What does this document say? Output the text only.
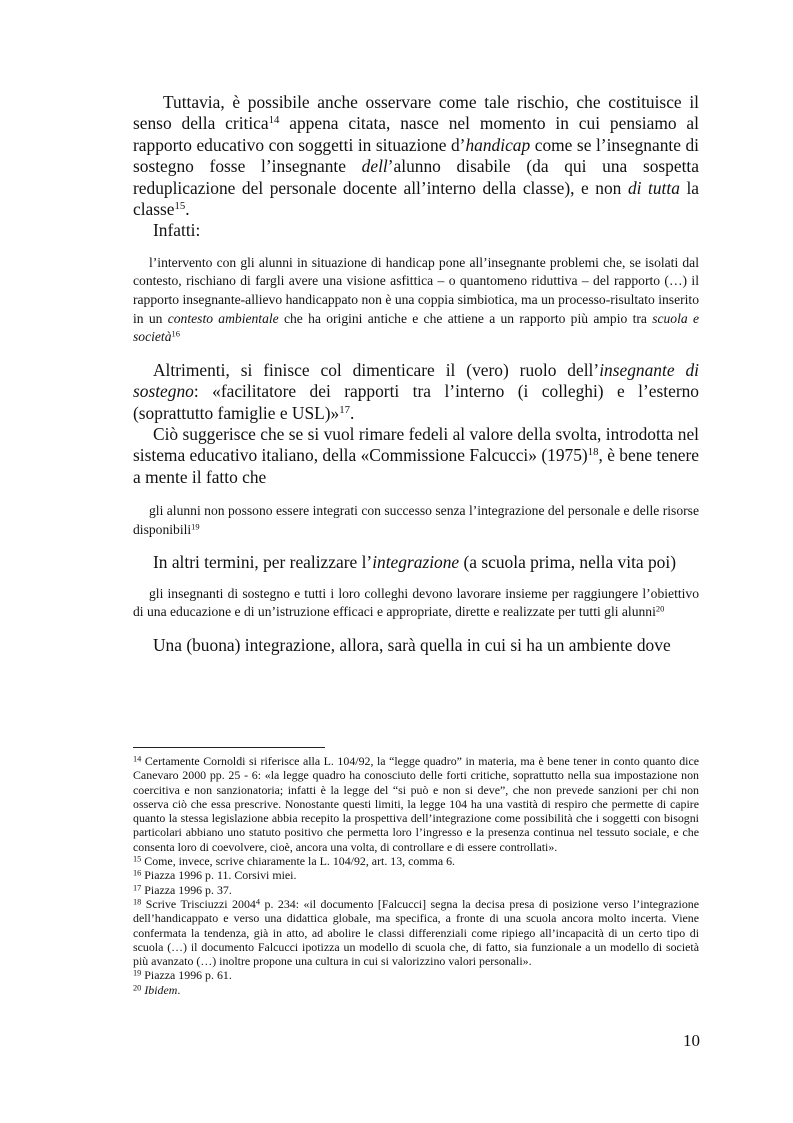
Tuttavia, è possibile anche osservare come tale rischio, che costituisce il senso della critica$^{14}$ appena citata, nasce nel momento in cui pensiamo al rapporto educativo con soggetti in situazione d’handicap come se l’insegnante di sostegno fosse l’insegnante dell’alunno disabile (da qui una sospetta reduplicazione del personale docente all’interno della classe), e non di tutta la classe$^{15}$.

Infatti:

l’intervento con gli alunni in situazione di handicap pone all’insegnante problemi che, se isolati dal contesto, rischiano di fargli avere una visione asfittica – o quantomeno riduttiva – del rapporto (…) il rapporto insegnante-allievo handicappato non è una coppia simbiotica, ma un processo-risultato inserito in un contesto ambientale che ha origini antiche e che attiene a un rapporto più ampio tra scuola e società$^{16}$

Altrimenti, si finisce col dimenticare il (vero) ruolo dell’insegnante di sostegno: «facilitatore dei rapporti tra l’interno (i colleghi) e l’esterno (soprattutto famiglie e USL)»$^{17}$.

Ciò suggerisce che se si vuol rimare fedeli al valore della svolta, introdotta nel sistema educativo italiano, della «Commissione Falcucci» $(1975)^{18}$, è bene tenere a mente il fatto che

gli alunni non possono essere integrati con successo senza l’integrazione del personale e delle risorse disponibili$^{19}$

In altri termini, per realizzare l’integrazione (a scuola prima, nella vita poi)

gli insegnanti di sostegno e tutti i loro colleghi devono lavorare insieme per raggiungere l’obiettivo di una educazione e di un’istruzione efficaci e appropriate, dirette e realizzate per tutti gli alunni$^{20}$

Una (buona) integrazione, allora, sarà quella in cui si ha un ambiente dove

$^{14}$ Certamente Cornoldi si riferisce alla L. 104/92, la “legge quadro” in materia, ma è bene tener in conto quanto dice Canevaro 2000 pp. 25 - 6: «la legge quadro ha conosciuto delle forti critiche, soprattutto nella sua impostazione non coercitiva e non sanzionatoria; infatti è la legge del “si può e non si deve”, che non prevede sanzioni per chi non osserva ciò che essa prescrive. Nonostante questi limiti, la legge 104 ha una vastità di respiro che permette di capire quanto la stessa legislazione abbia recepito la prospettiva dell’integrazione come possibilità che i soggetti con bisogni particolari abbiano uno statuto positivo che permetta loro l’ingresso e la presenza continua nel tessuto sociale, e che consenta loro di coevolvere, cioè, ancora una volta, di controllare e di essere controllati».

$^{15}$ Come, invece, scrive chiaramente la L. 104/92, art. 13, comma 6.

$^{16}$ Piazza 1996 p. 11. Corsivi miei.

$^{17}$ Piazza 1996 p. 37.

$^{18}$ Scrive Trisciuzzi 2004$^4$ p. 234: «il documento [Falcucci] segna la decisa presa di posizione verso l’integrazione dell’handicappato e verso una didattica globale, ma specifica, a fronte di una scuola ancora molto incerta. Viene confermata la tendenza, già in atto, ad abolire le classi differenziali come ripiego all’incapacità di un certo tipo di scuola (…) il documento Falcucci ipotizza un modello di scuola che, di fatto, sia funzionale a un modello di società più avanzato (…) inoltre propone una cultura in cui si valorizzino valori personali».

$^{19}$ Piazza 1996 p. 61.

$^{20}$ Ibidem.

10
